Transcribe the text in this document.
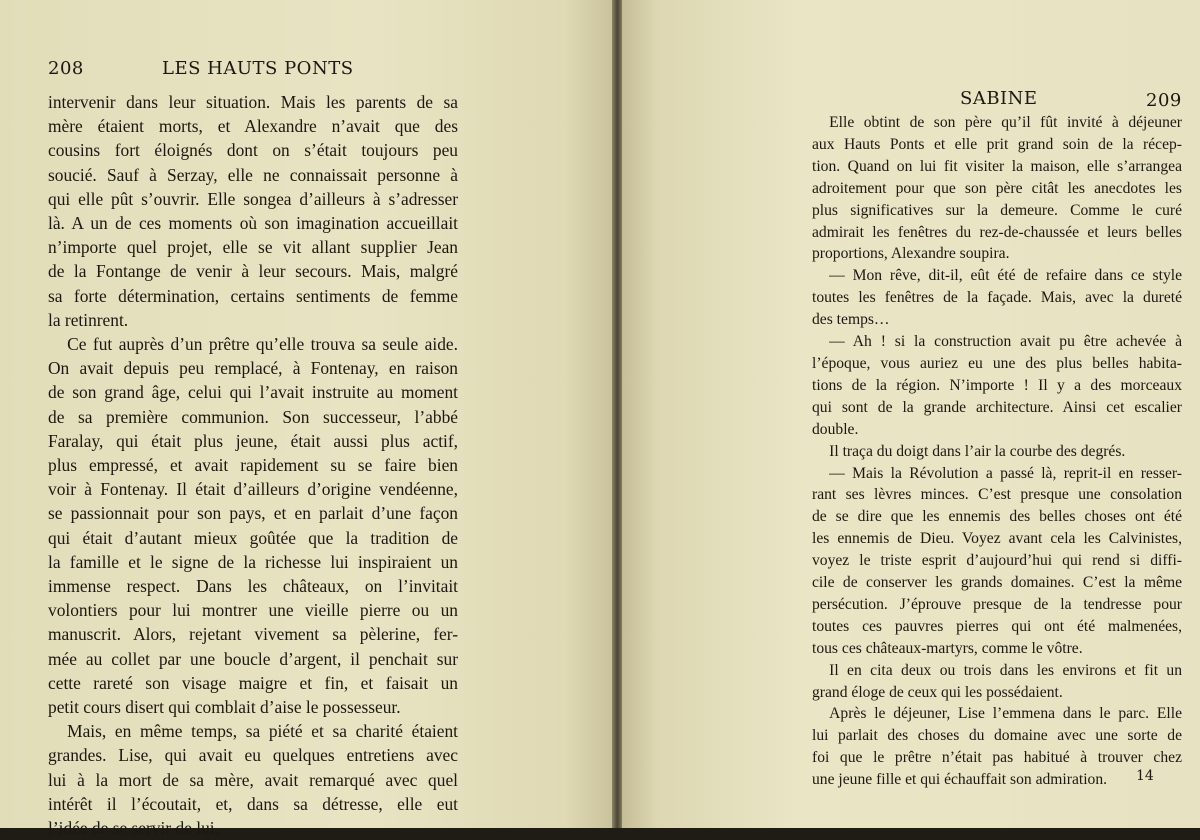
208	LES HAUTS PONTS
intervenir dans leur situation. Mais les parents de sa
mère étaient morts, et Alexandre n’avait que des
cousins fort éloignés dont on s’était toujours peu
soucié. Sauf à Serzay, elle ne connaissait personne à
qui elle pût s’ouvrir. Elle songea d’ailleurs à s’adresser
là. A un de ces moments où son imagination accueillait
n’importe quel projet, elle se vit allant supplier Jean
de la Fontange de venir à leur secours. Mais, malgré
sa forte détermination, certains sentiments de femme
la retinrent.
Ce fut auprès d’un prêtre qu’elle trouva sa seule aide.
On avait depuis peu remplacé, à Fontenay, en raison
de son grand âge, celui qui l’avait instruite au moment
de sa première communion. Son successeur, l’abbé
Faralay, qui était plus jeune, était aussi plus actif,
plus empressé, et avait rapidement su se faire bien
voir à Fontenay. Il était d’ailleurs d’origine vendéenne,
se passionnait pour son pays, et en parlait d’une façon
qui était d’autant mieux goûtée que la tradition de
la famille et le signe de la richesse lui inspiraient un
immense respect. Dans les châteaux, on l’invitait
volontiers pour lui montrer une vieille pierre ou un
manuscrit. Alors, rejetant vivement sa pèlerine, fer-
mée au collet par une boucle d’argent, il penchait sur
cette rareté son visage maigre et fin, et faisait un
petit cours disert qui comblait d’aise le possesseur.
Mais, en même temps, sa piété et sa charité étaient
grandes. Lise, qui avait eu quelques entretiens avec
lui à la mort de sa mère, avait remarqué avec quel
intérêt il l’écoutait, et, dans sa détresse, elle eut
l’idée de se servir de lui.
SABINE	209
Elle obtint de son père qu’il fût invité à déjeuner
aux Hauts Ponts et elle prit grand soin de la récep-
tion. Quand on lui fit visiter la maison, elle s’arrangea
adroitement pour que son père citât les anecdotes les
plus significatives sur la demeure. Comme le curé
admirait les fenêtres du rez-de-chaussée et leurs belles
proportions, Alexandre soupira.
— Mon rêve, dit-il, eût été de refaire dans ce style
toutes les fenêtres de la façade. Mais, avec la dureté
des temps…
— Ah ! si la construction avait pu être achevée à
l’époque, vous auriez eu une des plus belles habita-
tions de la région. N’importe ! Il y a des morceaux
qui sont de la grande architecture. Ainsi cet escalier
double.
Il traça du doigt dans l’air la courbe des degrés.
— Mais la Révolution a passé là, reprit-il en resser-
rant ses lèvres minces. C’est presque une consolation
de se dire que les ennemis des belles choses ont été
les ennemis de Dieu. Voyez avant cela les Calvinistes,
voyez le triste esprit d’aujourd’hui qui rend si diffi-
cile de conserver les grands domaines. C’est la même
persécution. J’éprouve presque de la tendresse pour
toutes ces pauvres pierres qui ont été malmenées,
tous ces châteaux-martyrs, comme le vôtre.
Il en cita deux ou trois dans les environs et fit un
grand éloge de ceux qui les possédaient.
Après le déjeuner, Lise l’emmena dans le parc. Elle
lui parlait des choses du domaine avec une sorte de
foi que le prêtre n’était pas habitué à trouver chez
une jeune fille et qui échauffait son admiration.	14
